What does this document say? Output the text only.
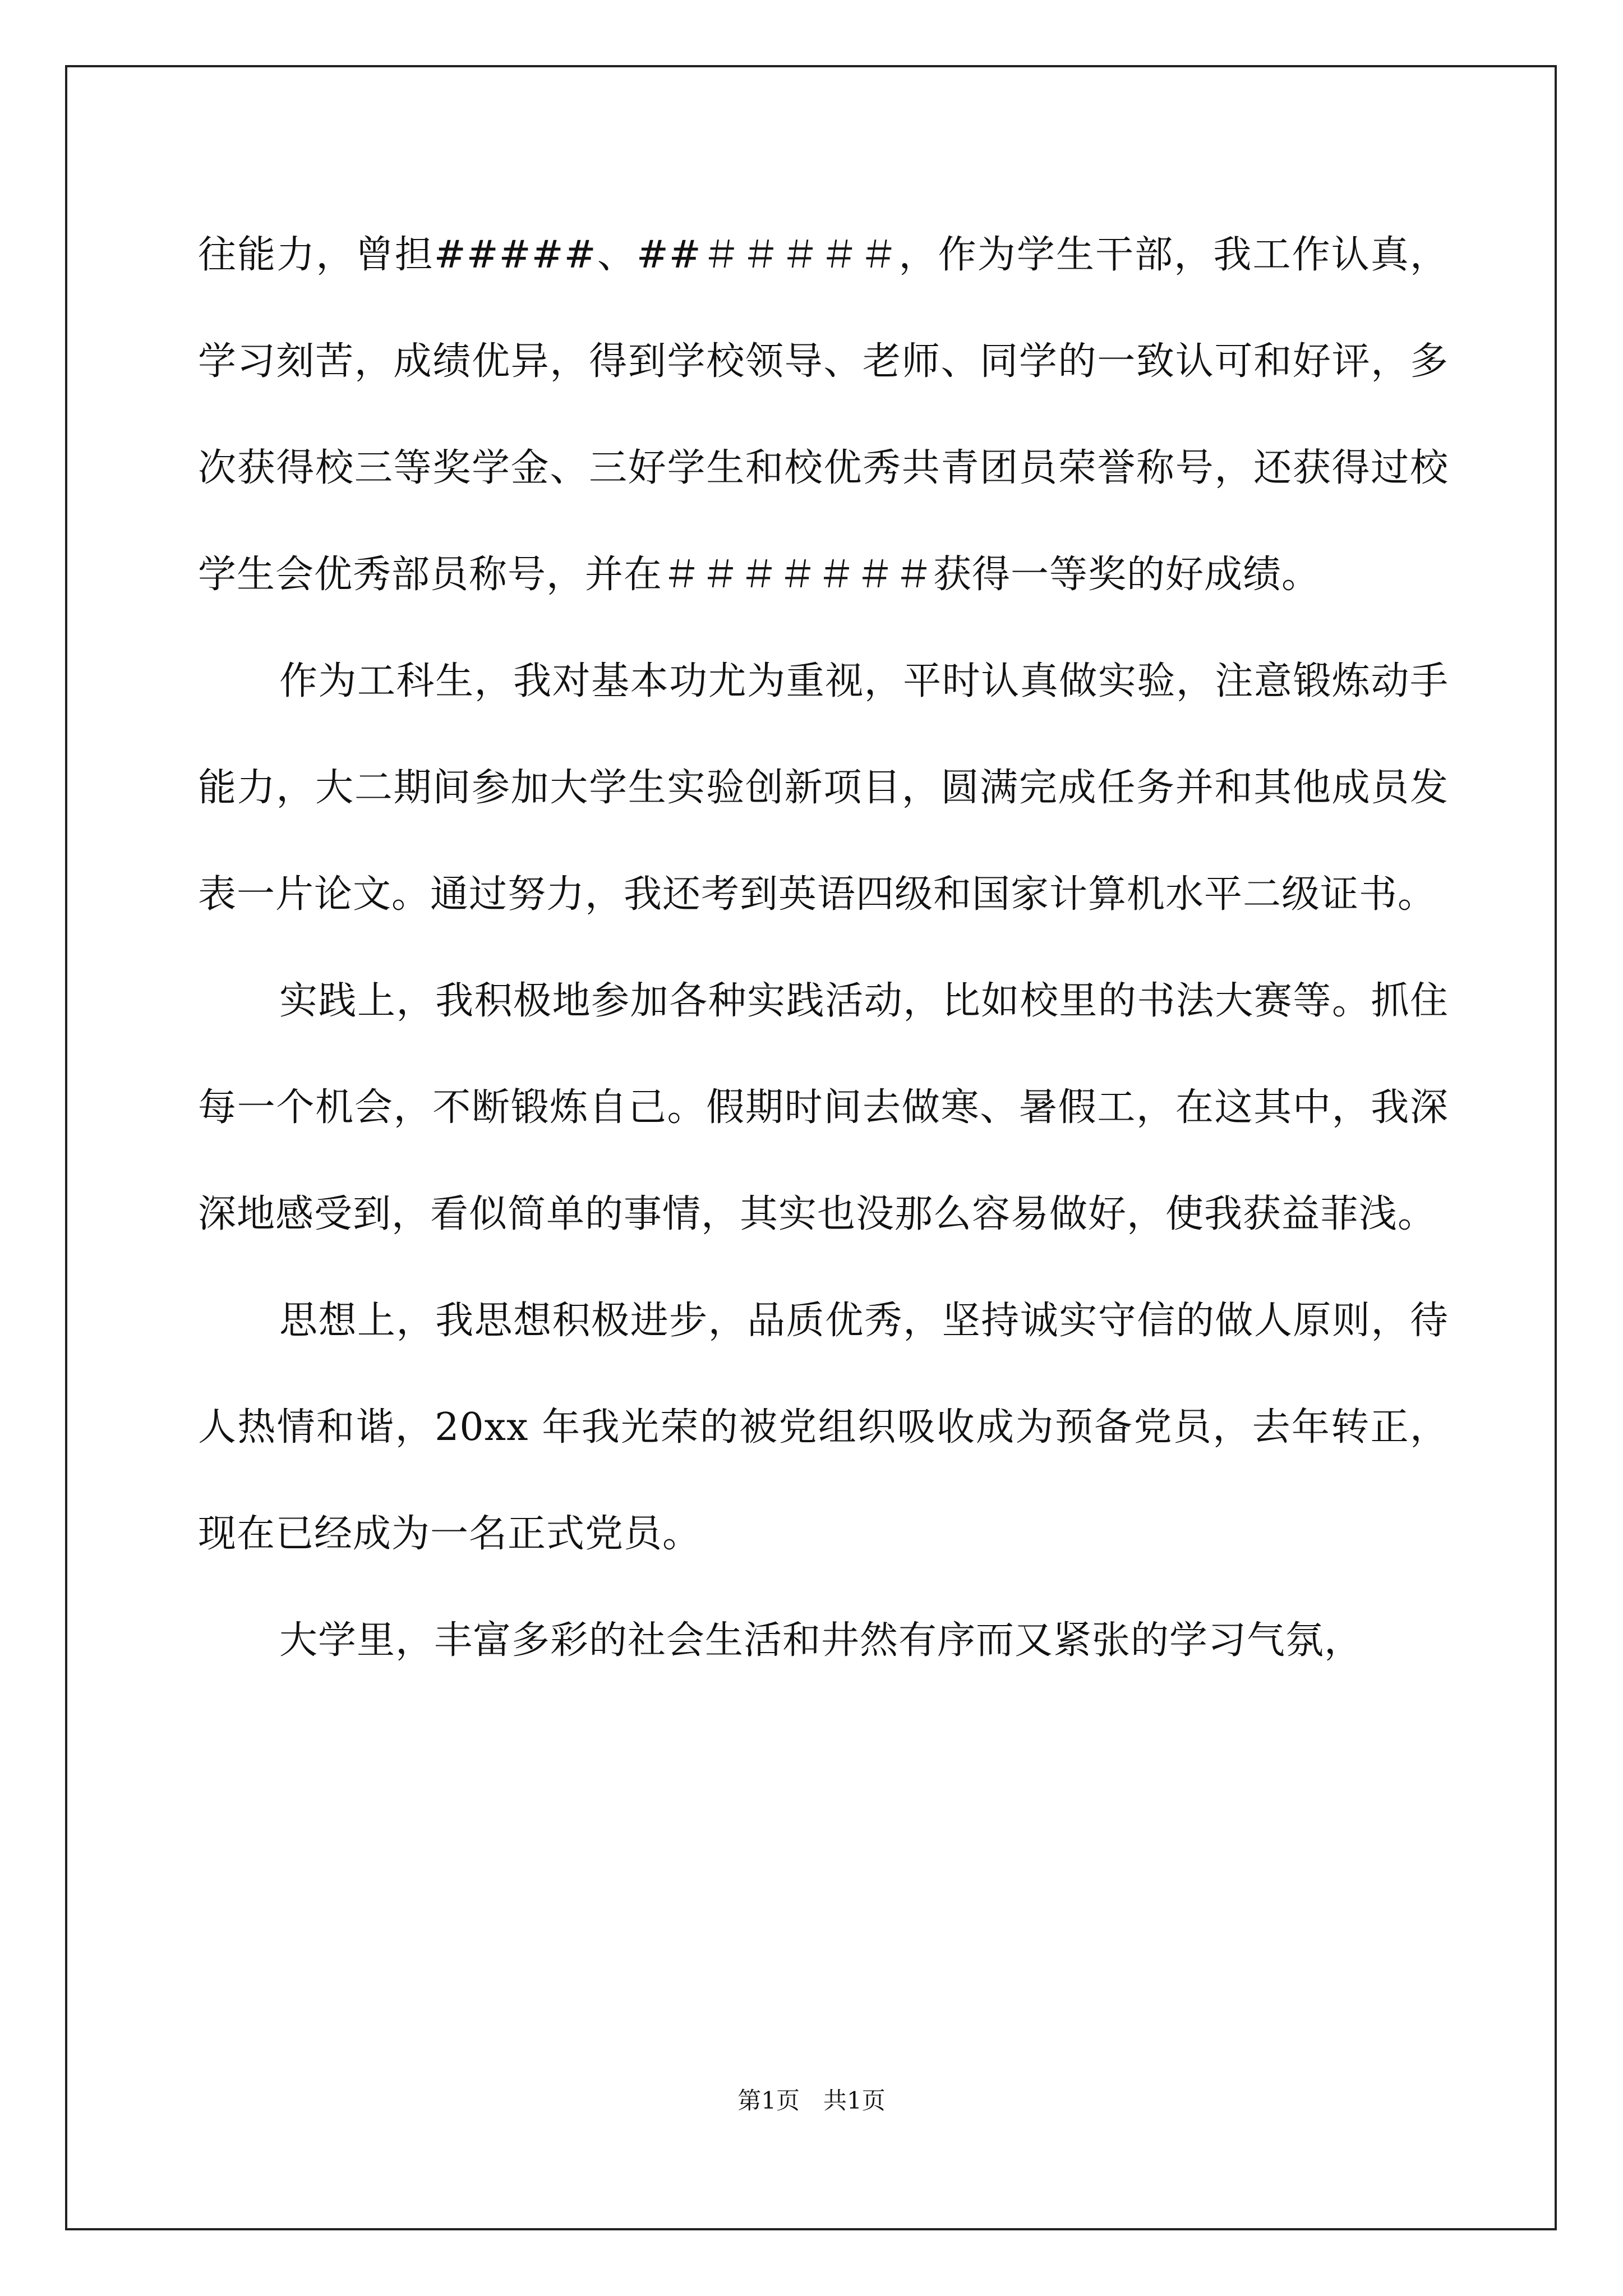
往能力，曾担#####、##＃＃＃＃＃，作为学生干部，我工作认真，学习刻苦，成绩优异，得到学校领导、老师、同学的一致认可和好评，多次获得校三等奖学金、三好学生和校优秀共青团员荣誉称号，还获得过校学生会优秀部员称号，并在＃＃＃＃＃＃＃获得一等奖的好成绩。

作为工科生，我对基本功尤为重视，平时认真做实验，注意锻炼动手能力，大二期间参加大学生实验创新项目，圆满完成任务并和其他成员发表一片论文。通过努力，我还考到英语四级和国家计算机水平二级证书。

实践上，我积极地参加各种实践活动，比如校里的书法大赛等。抓住每一个机会，不断锻炼自己。假期时间去做寒、暑假工，在这其中，我深深地感受到，看似简单的事情，其实也没那么容易做好，使我获益菲浅。

思想上，我思想积极进步，品质优秀，坚持诚实守信的做人原则，待人热情和谐，20xx 年我光荣的被党组织吸收成为预备党员，去年转正，现在已经成为一名正式党员。

大学里，丰富多彩的社会生活和井然有序而又紧张的学习气氛，

第1页　共1页
